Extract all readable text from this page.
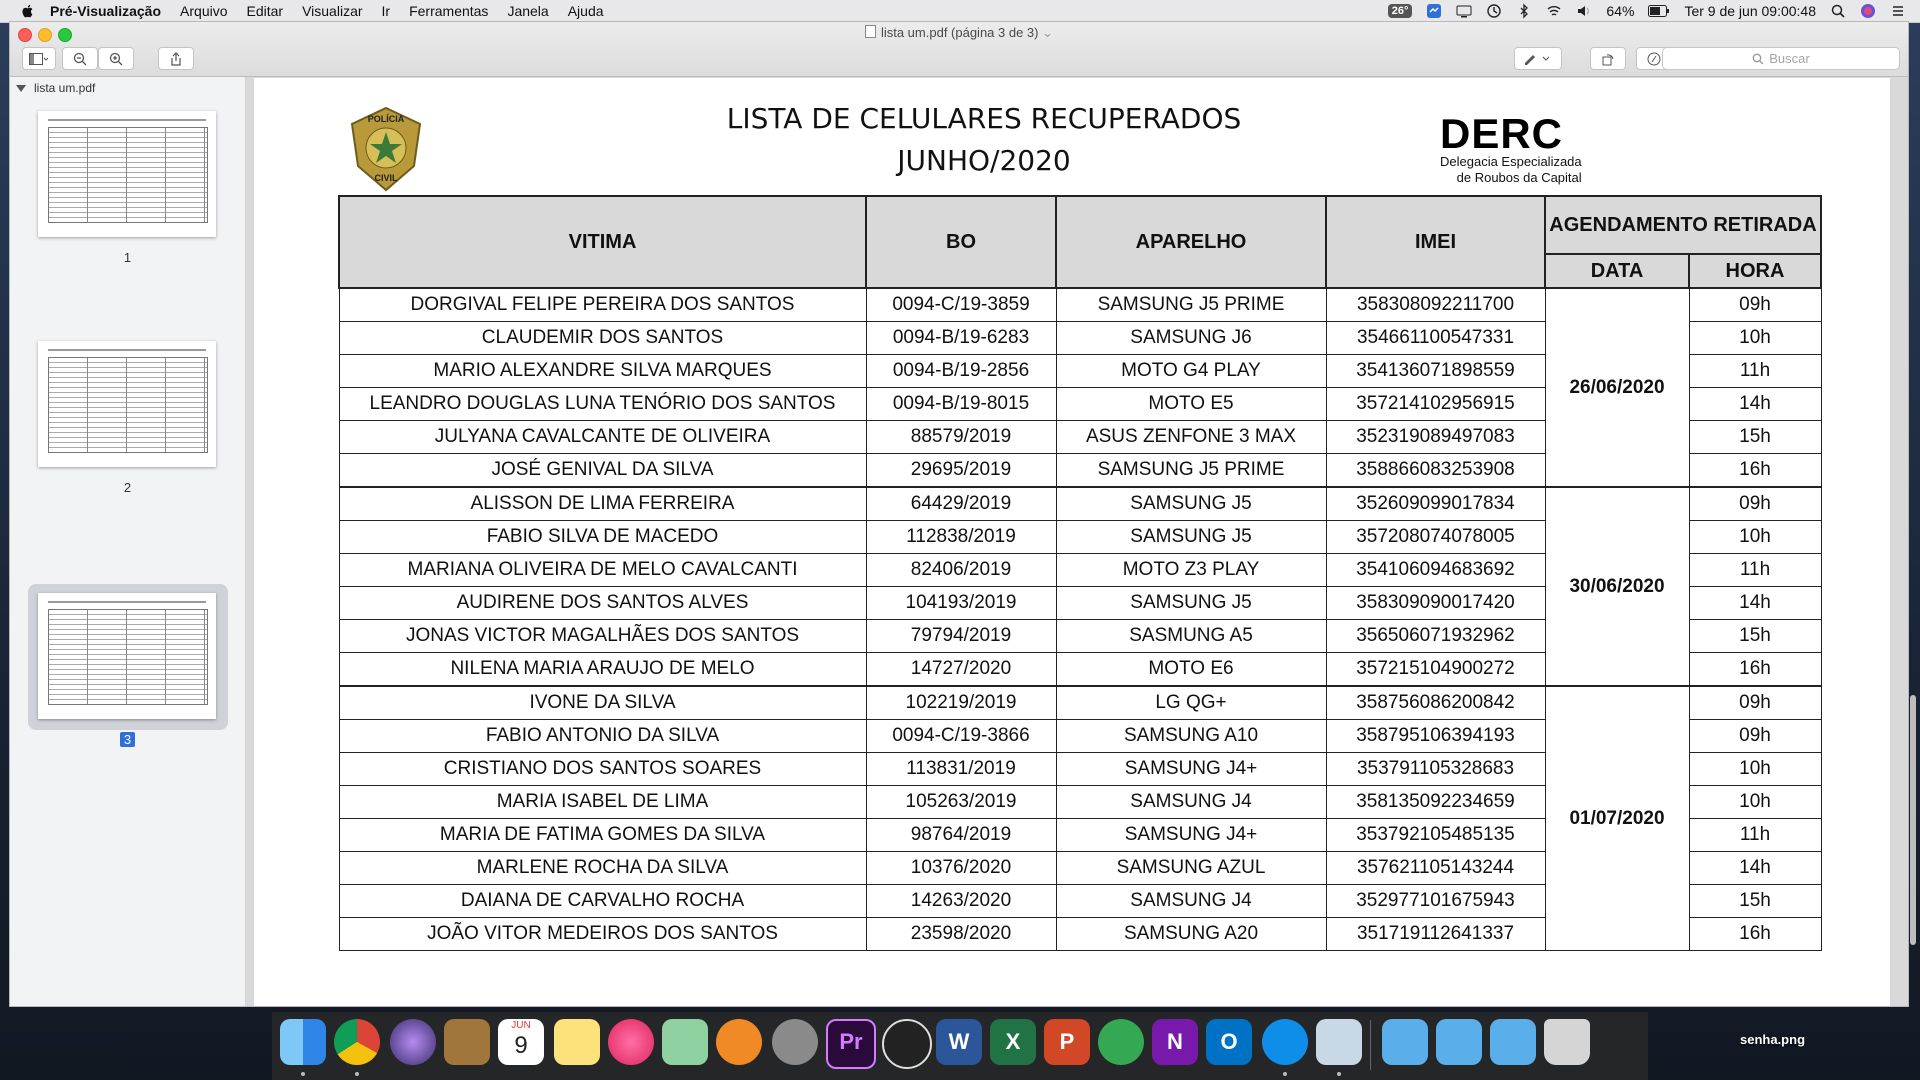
Pré-Visualização Arquivo Editar Visualizar Ir Ferramentas Janela Ajuda	26°	64%	Ter 9 de jun 09:00:48
lista um.pdf (página 3 de 3) ⌄
Buscar
lista um.pdf
1
2
3
POLÍCIA
CIVIL
LISTA DE CELULARES RECUPERADOS
JUNHO/2020
DERC
Delegacia Especializada
de Roubos da Capital
VITIMA	BO	APARELHO	IMEI	AGENDAMENTO RETIRADA	
				DATA	HORA
DORGIVAL FELIPE PEREIRA DOS SANTOS	0094-C/19-3859	SAMSUNG J5 PRIME	358308092211700	26/06/2020	09h
CLAUDEMIR DOS SANTOS	0094-B/19-6283	SAMSUNG J6	354661100547331		10h
MARIO ALEXANDRE SILVA MARQUES	0094-B/19-2856	MOTO G4 PLAY	354136071898559		11h
LEANDRO DOUGLAS LUNA TENÓRIO DOS SANTOS	0094-B/19-8015	MOTO E5	357214102956915		14h
JULYANA CAVALCANTE DE OLIVEIRA	88579/2019	ASUS ZENFONE 3 MAX	352319089497083		15h
JOSÉ GENIVAL DA SILVA	29695/2019	SAMSUNG J5 PRIME	358866083253908		16h
ALISSON DE LIMA FERREIRA	64429/2019	SAMSUNG J5	352609099017834	30/06/2020	09h
FABIO SILVA DE MACEDO	112838/2019	SAMSUNG J5	357208074078005		10h
MARIANA OLIVEIRA DE MELO CAVALCANTI	82406/2019	MOTO Z3 PLAY	354106094683692		11h
AUDIRENE DOS SANTOS ALVES	104193/2019	SAMSUNG J5	358309090017420		14h
JONAS VICTOR MAGALHÃES DOS SANTOS	79794/2019	SASMUNG A5	356506071932962		15h
NILENA MARIA ARAUJO DE MELO	14727/2020	MOTO E6	357215104900272		16h
IVONE DA SILVA	102219/2019	LG QG+	358756086200842	01/07/2020	09h
FABIO ANTONIO DA SILVA	0094-C/19-3866	SAMSUNG A10	358795106394193		09h
CRISTIANO DOS SANTOS SOARES	113831/2019	SAMSUNG J4+	353791105328683		10h
MARIA ISABEL DE LIMA	105263/2019	SAMSUNG J4	358135092234659		10h
MARIA DE FATIMA GOMES DA SILVA	98764/2019	SAMSUNG J4+	353792105485135		11h
MARLENE ROCHA DA SILVA	10376/2020	SAMSUNG AZUL	357621105143244		14h
DAIANA DE CARVALHO ROCHA	14263/2020	SAMSUNG J4	352977101675943		15h
JOÃO VITOR MEDEIROS DOS SANTOS	23598/2020	SAMSUNG A20	351719112641337		16h
JUN
9	Pr	W	X	P	N	O	senha.png
